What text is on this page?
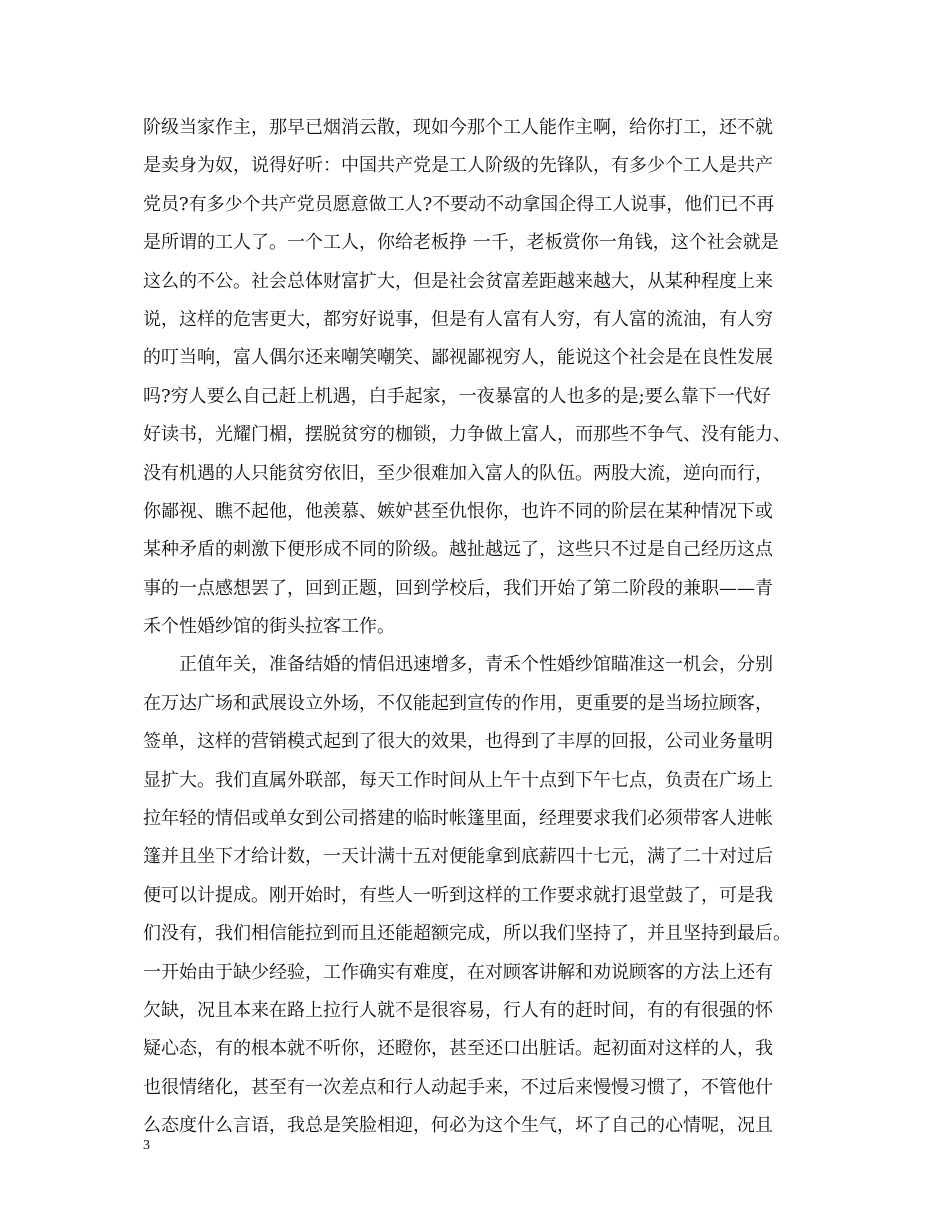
阶级当家作主，那早已烟消云散，现如今那个工人能作主啊，给你打工，还不就
是卖身为奴，说得好听：中国共产党是工人阶级的先锋队，有多少个工人是共产
党员?有多少个共产党员愿意做工人?不要动不动拿国企得工人说事，他们已不再
是所谓的工人了。一个工人，你给老板挣 一千，老板赏你一角钱，这个社会就是
这么的不公。社会总体财富扩大，但是社会贫富差距越来越大，从某种程度上来
说，这样的危害更大，都穷好说事，但是有人富有人穷，有人富的流油，有人穷
的叮当响，富人偶尔还来嘲笑嘲笑、鄙视鄙视穷人，能说这个社会是在良性发展
吗?穷人要么自己赶上机遇，白手起家，一夜暴富的人也多的是;要么靠下一代好
好读书，光耀门楣，摆脱贫穷的枷锁，力争做上富人，而那些不争气、没有能力、
没有机遇的人只能贫穷依旧，至少很难加入富人的队伍。两股大流，逆向而行，
你鄙视、瞧不起他，他羡慕、嫉妒甚至仇恨你，也许不同的阶层在某种情况下或
某种矛盾的刺激下便形成不同的阶级。越扯越远了，这些只不过是自己经历这点
事的一点感想罢了，回到正题，回到学校后，我们开始了第二阶段的兼职——青
禾个性婚纱馆的街头拉客工作。
正值年关，准备结婚的情侣迅速增多，青禾个性婚纱馆瞄准这一机会，分别
在万达广场和武展设立外场，不仅能起到宣传的作用，更重要的是当场拉顾客，
签单，这样的营销模式起到了很大的效果，也得到了丰厚的回报，公司业务量明
显扩大。我们直属外联部，每天工作时间从上午十点到下午七点，负责在广场上
拉年轻的情侣或单女到公司搭建的临时帐篷里面，经理要求我们必须带客人进帐
篷并且坐下才给计数，一天计满十五对便能拿到底薪四十七元，满了二十对过后
便可以计提成。刚开始时，有些人一听到这样的工作要求就打退堂鼓了，可是我
们没有，我们相信能拉到而且还能超额完成，所以我们坚持了，并且坚持到最后。
一开始由于缺少经验，工作确实有难度，在对顾客讲解和劝说顾客的方法上还有
欠缺，况且本来在路上拉行人就不是很容易，行人有的赶时间，有的有很强的怀
疑心态，有的根本就不听你，还瞪你，甚至还口出脏话。起初面对这样的人，我
也很情绪化，甚至有一次差点和行人动起手来，不过后来慢慢习惯了，不管他什
么态度什么言语，我总是笑脸相迎，何必为这个生气，坏了自己的心情呢，况且
3
